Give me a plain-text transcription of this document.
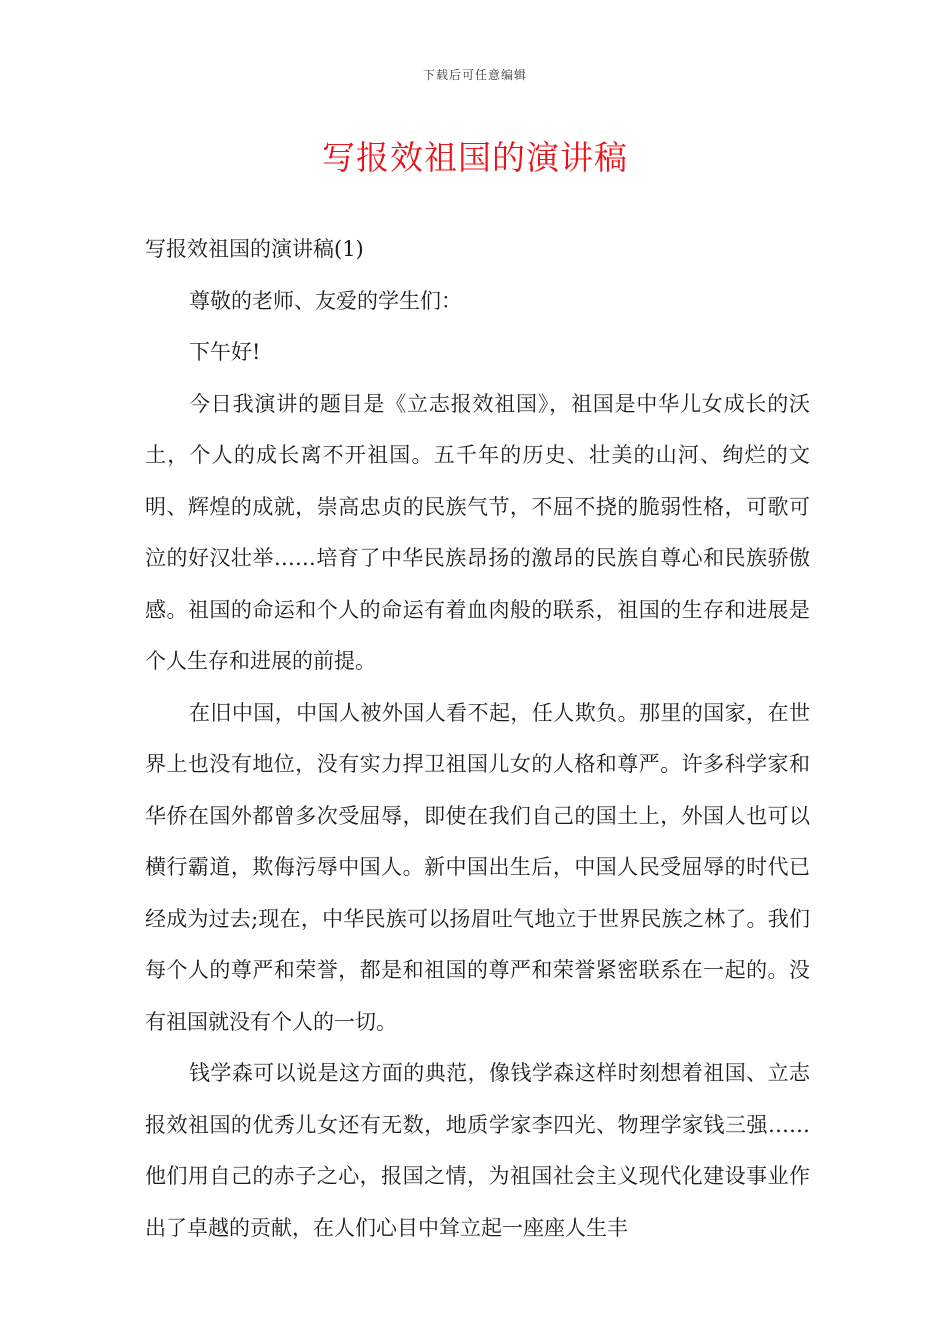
下载后可任意编辑
写报效祖国的演讲稿

写报效祖国的演讲稿(1)

尊敬的老师、友爱的学生们：

下午好!

今日我演讲的题目是《立志报效祖国》，祖国是中华儿女成长的沃土，个人的成长离不开祖国。五千年的历史、壮美的山河、绚烂的文明、辉煌的成就，崇高忠贞的民族气节，不屈不挠的脆弱性格，可歌可泣的好汉壮举……培育了中华民族昂扬的激昂的民族自尊心和民族骄傲感。祖国的命运和个人的命运有着血肉般的联系，祖国的生存和进展是个人生存和进展的前提。

在旧中国，中国人被外国人看不起，任人欺负。那里的国家，在世界上也没有地位，没有实力捍卫祖国儿女的人格和尊严。许多科学家和华侨在国外都曾多次受屈辱，即使在我们自己的国土上，外国人也可以横行霸道，欺侮污辱中国人。新中国出生后，中国人民受屈辱的时代已经成为过去;现在，中华民族可以扬眉吐气地立于世界民族之林了。我们每个人的尊严和荣誉，都是和祖国的尊严和荣誉紧密联系在一起的。没有祖国就没有个人的一切。

钱学森可以说是这方面的典范，像钱学森这样时刻想着祖国、立志报效祖国的优秀儿女还有无数，地质学家李四光、物理学家钱三强……他们用自己的赤子之心，报国之情，为祖国社会主义现代化建设事业作出了卓越的贡献，在人们心目中耸立起一座座人生丰
